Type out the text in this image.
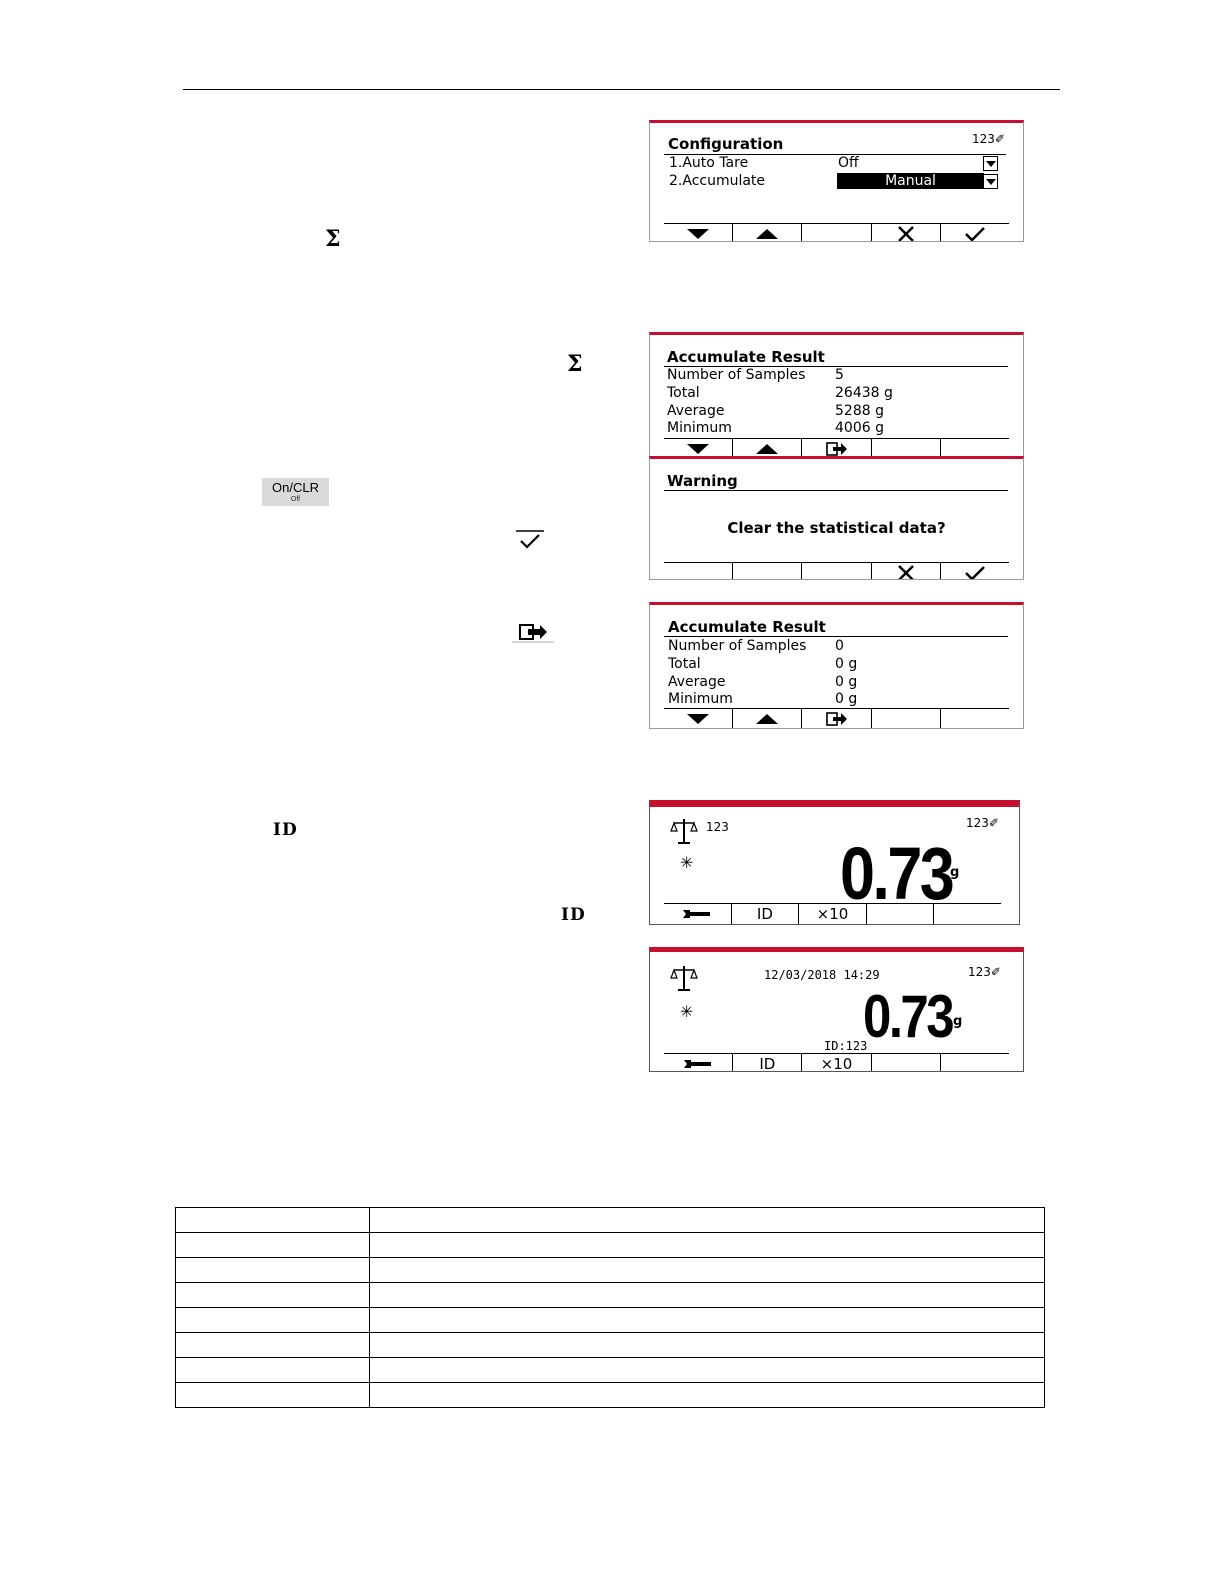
Σ
Σ
On/CLR
Off
ID
ID
Configuration	123✐
1.Auto Tare	Off
2.Accumulate	Manual
Accumulate Result
Number of Samples 5
Total	26438 g
Average	5288 g
Minimum	4006 g
Warning
Clear the statistical data?
Accumulate Result
Number of Samples 0
Total	0 g
Average	0 g
Minimum	0 g
123	123✐
✳ 0.73
g
ID	×10
12/03/2018 14:29	123✐
✳	0.73 g
ID:123
ID	×10
